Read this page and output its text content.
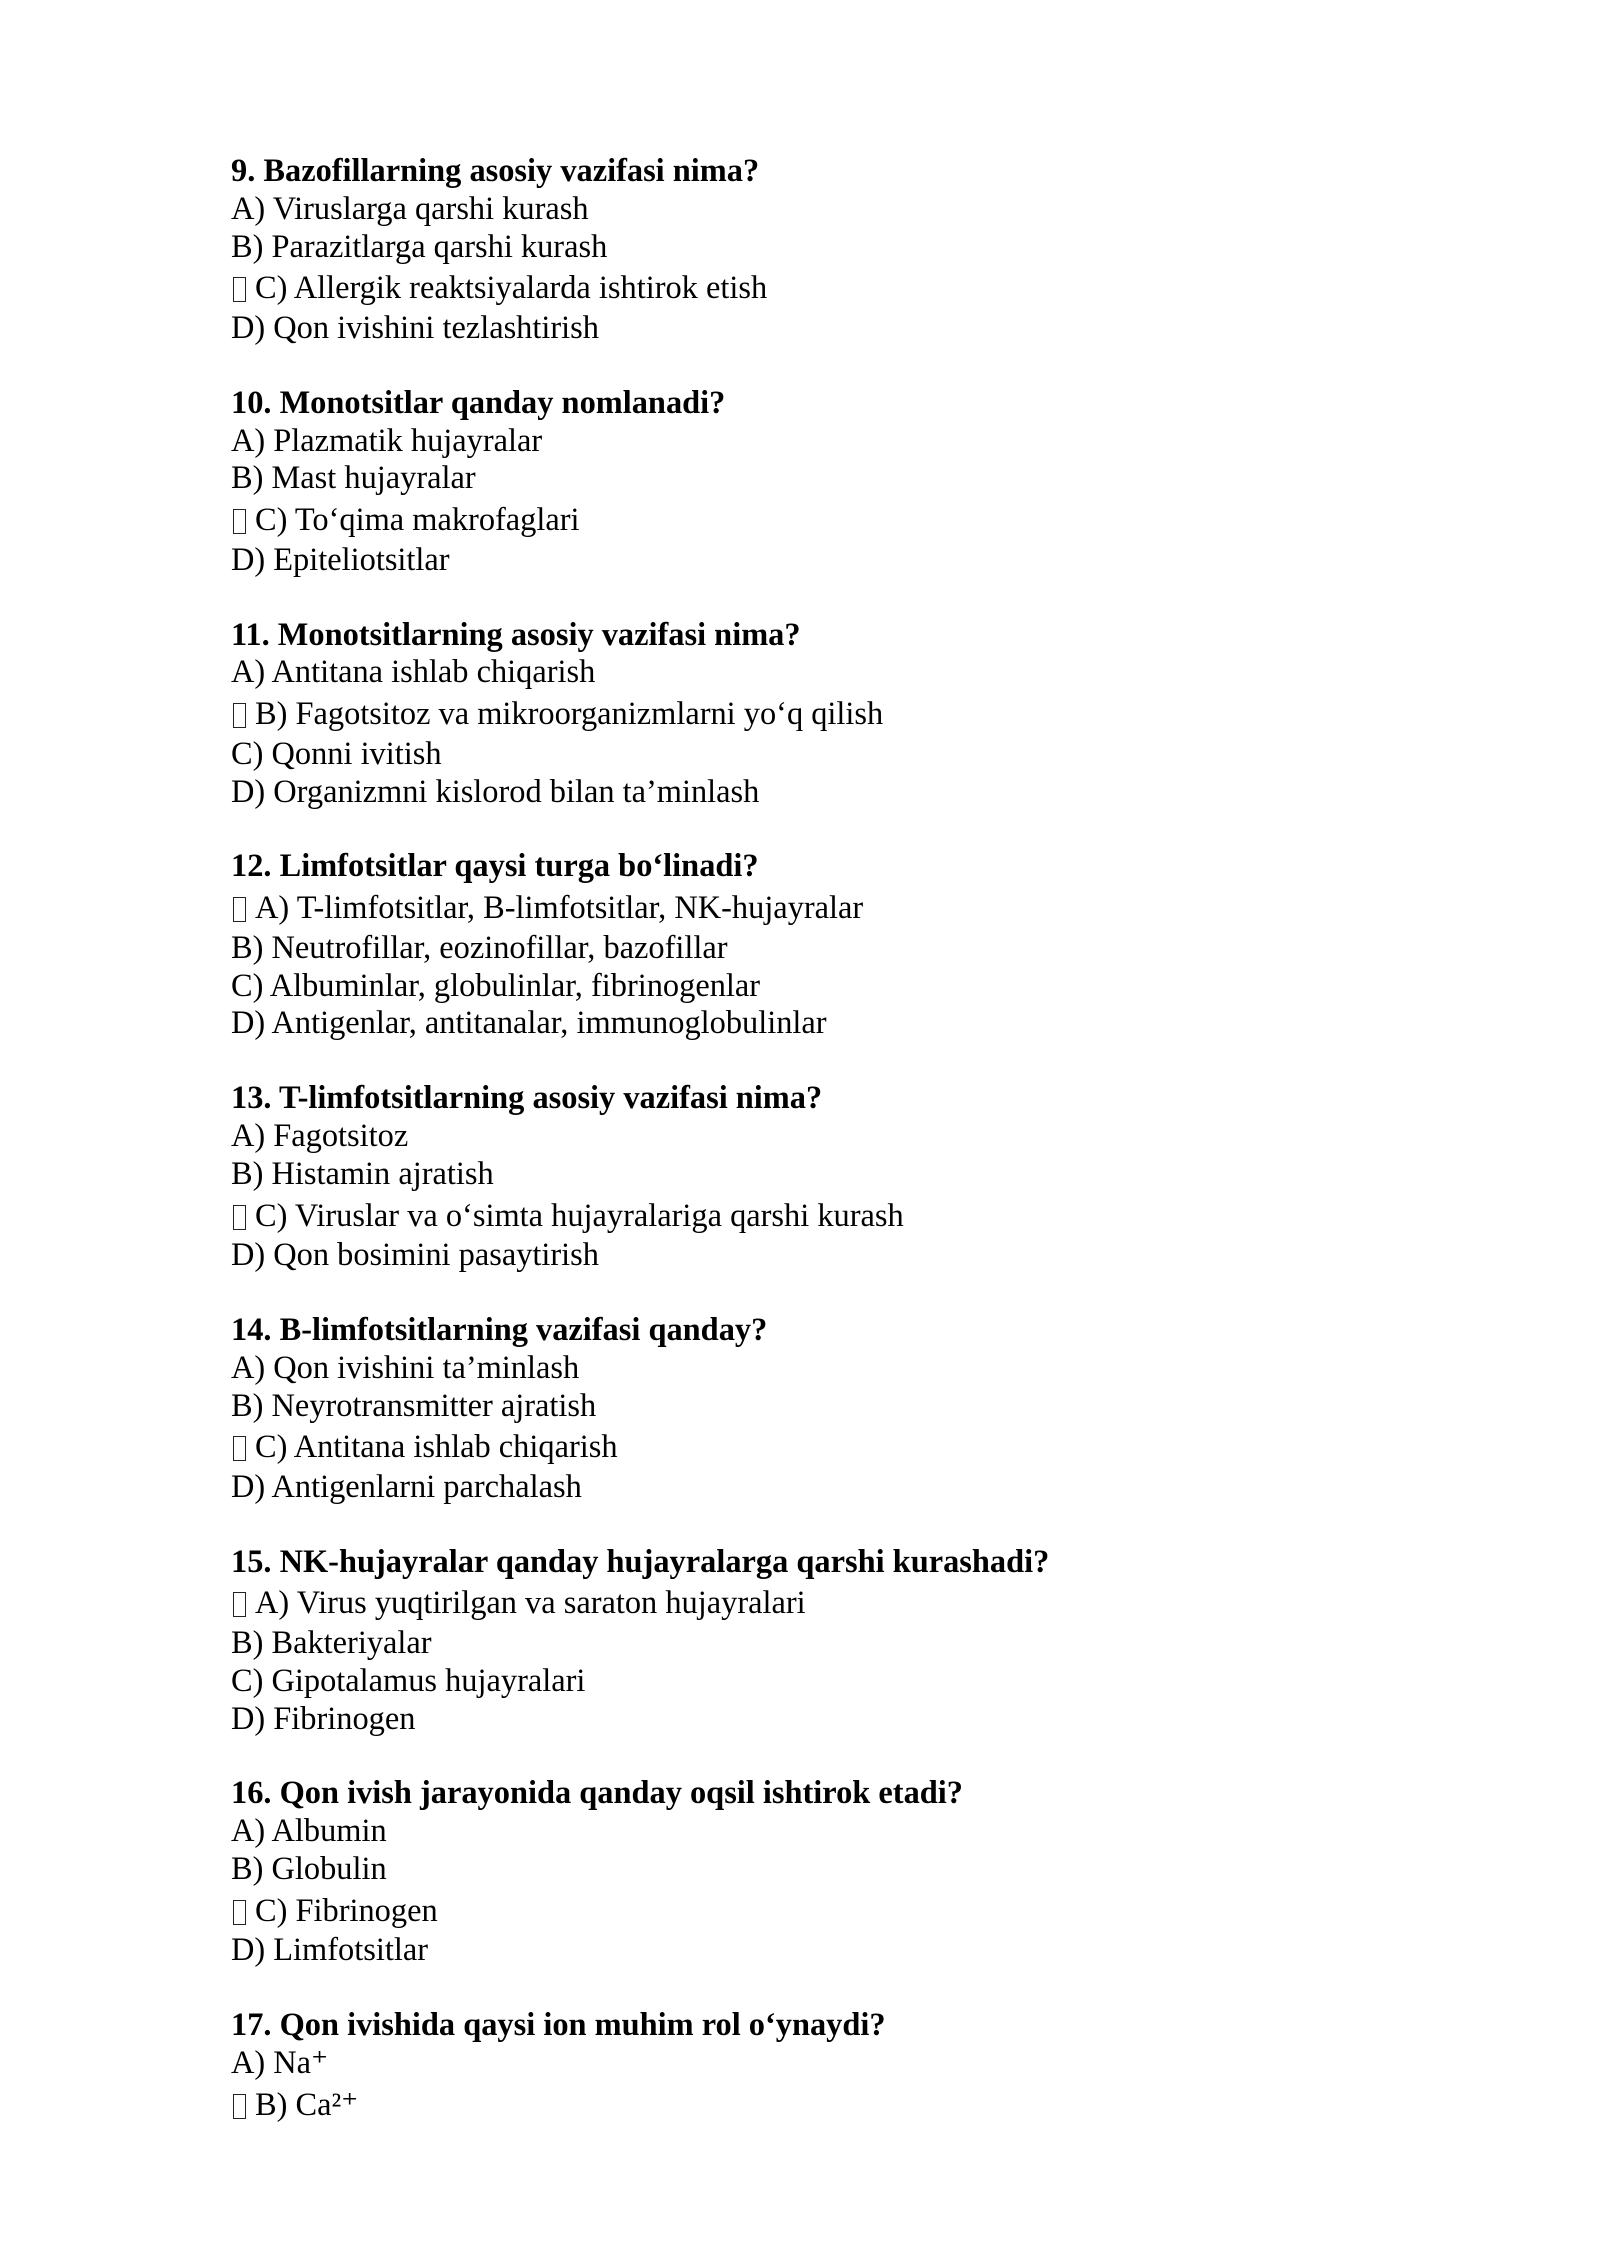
9. Bazofillarning asosiy vazifasi nima?
A) Viruslarga qarshi kurash
B) Parazitlarga qarshi kurash
C) Allergik reaktsiyalarda ishtirok etish
D) Qon ivishini tezlashtirish
10. Monotsitlar qanday nomlanadi?
A) Plazmatik hujayralar
B) Mast hujayralar
C) To‘qima makrofaglari
D) Epiteliotsitlar
11. Monotsitlarning asosiy vazifasi nima?
A) Antitana ishlab chiqarish
B) Fagotsitoz va mikroorganizmlarni yo‘q qilish
C) Qonni ivitish
D) Organizmni kislorod bilan ta’minlash
12. Limfotsitlar qaysi turga bo‘linadi?
A) T-limfotsitlar, B-limfotsitlar, NK-hujayralar
B) Neutrofillar, eozinofillar, bazofillar
C) Albuminlar, globulinlar, fibrinogenlar
D) Antigenlar, antitanalar, immunoglobulinlar
13. T-limfotsitlarning asosiy vazifasi nima?
A) Fagotsitoz
B) Histamin ajratish
C) Viruslar va o‘simta hujayralariga qarshi kurash
D) Qon bosimini pasaytirish
14. B-limfotsitlarning vazifasi qanday?
A) Qon ivishini ta’minlash
B) Neyrotransmitter ajratish
C) Antitana ishlab chiqarish
D) Antigenlarni parchalash
15. NK-hujayralar qanday hujayralarga qarshi kurashadi?
A) Virus yuqtirilgan va saraton hujayralari
B) Bakteriyalar
C) Gipotalamus hujayralari
D) Fibrinogen
16. Qon ivish jarayonida qanday oqsil ishtirok etadi?
A) Albumin
B) Globulin
C) Fibrinogen
D) Limfotsitlar
17. Qon ivishida qaysi ion muhim rol o‘ynaydi?
A) Na⁺
B) Ca²⁺
